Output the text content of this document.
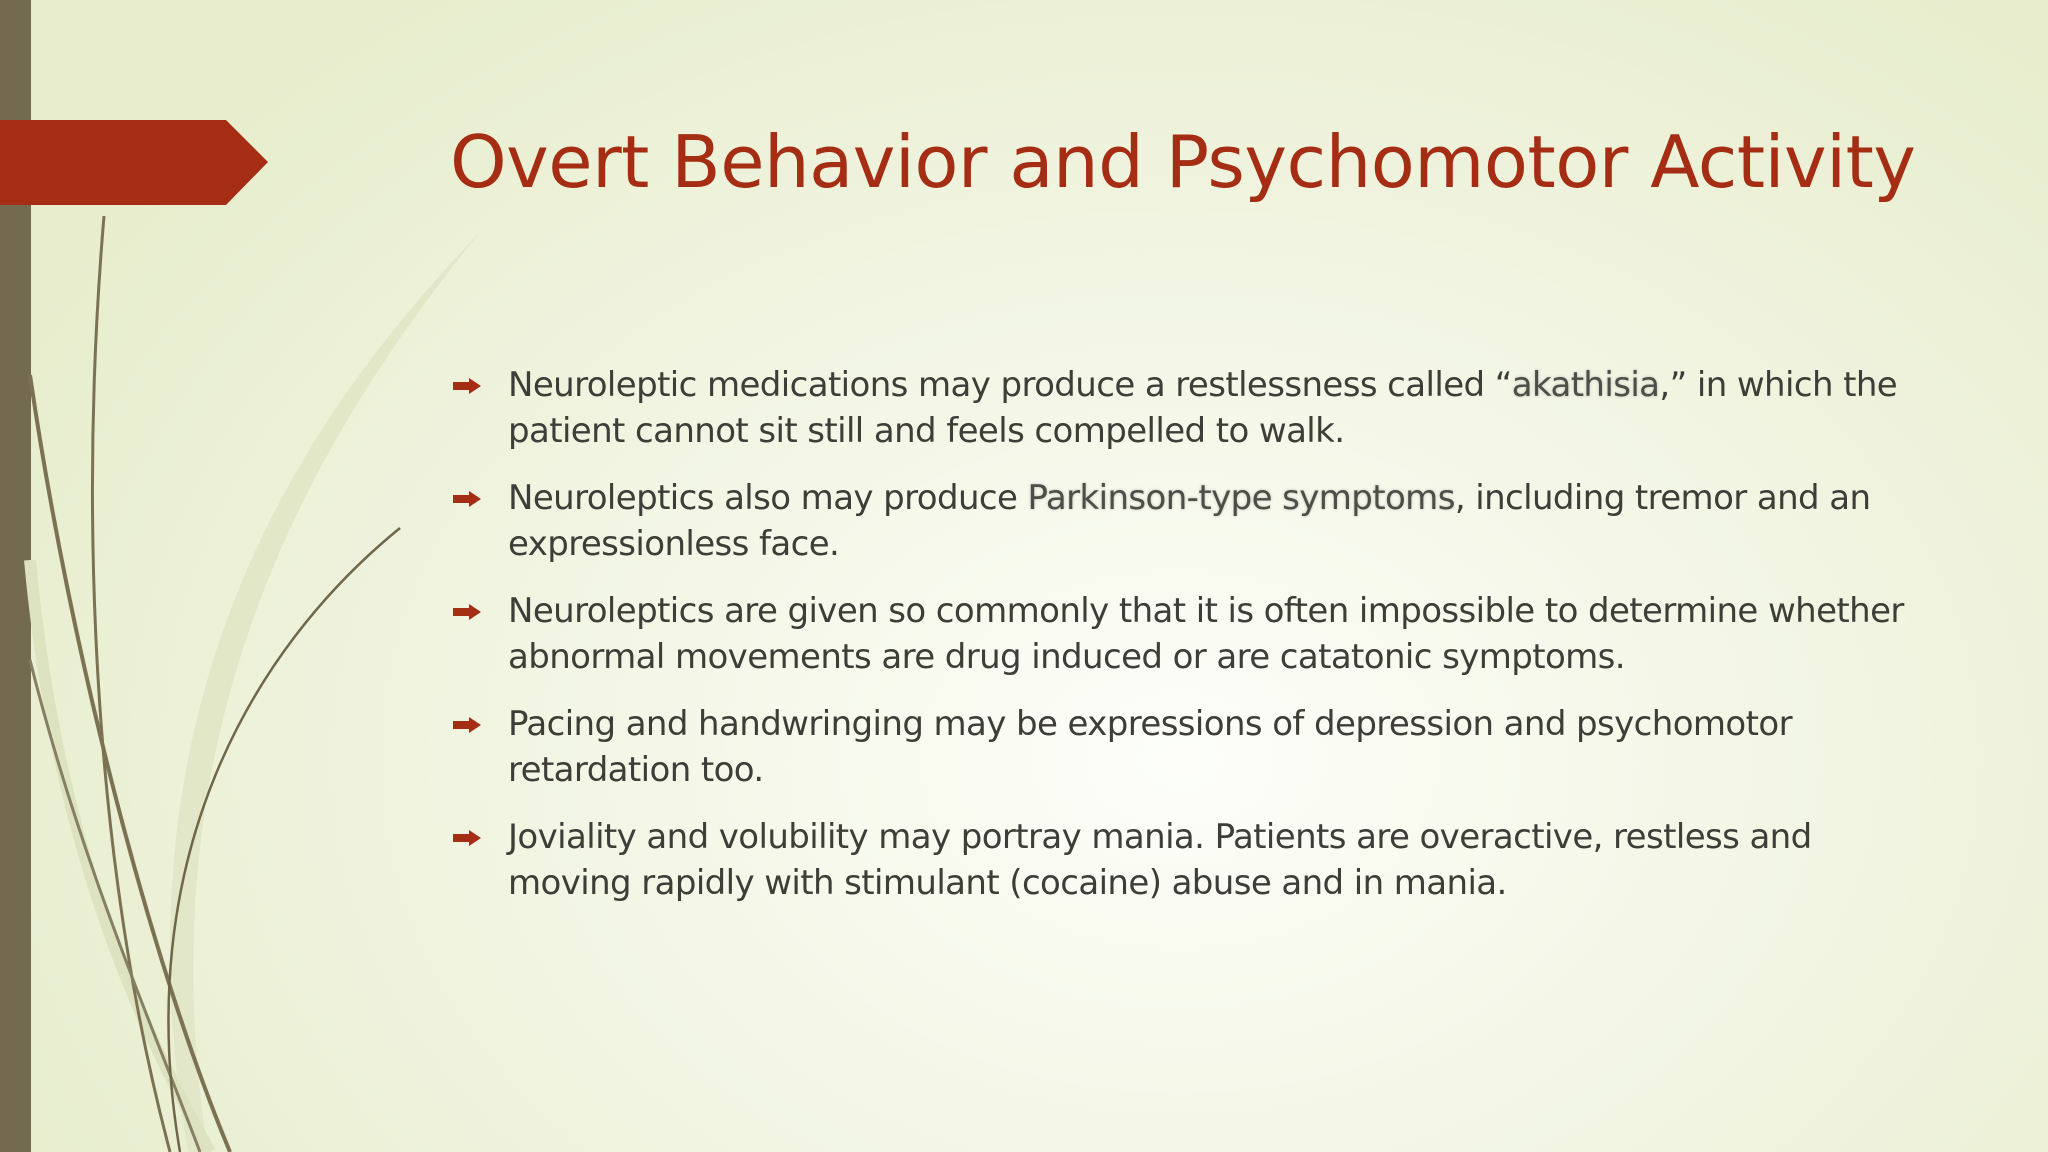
Overt Behavior and Psychomotor Activity
Neuroleptic medications may produce a restlessness called “akathisia,” in which the patient cannot sit still and feels compelled to walk.
Neuroleptics also may produce Parkinson-type symptoms, including tremor and an expressionless face.
Neuroleptics are given so commonly that it is often impossible to determine whether abnormal movements are drug induced or are catatonic symptoms.
Pacing and handwringing may be expressions of depression and psychomotor retardation too.
Joviality and volubility may portray mania. Patients are overactive, restless and moving rapidly with stimulant (cocaine) abuse and in mania.
